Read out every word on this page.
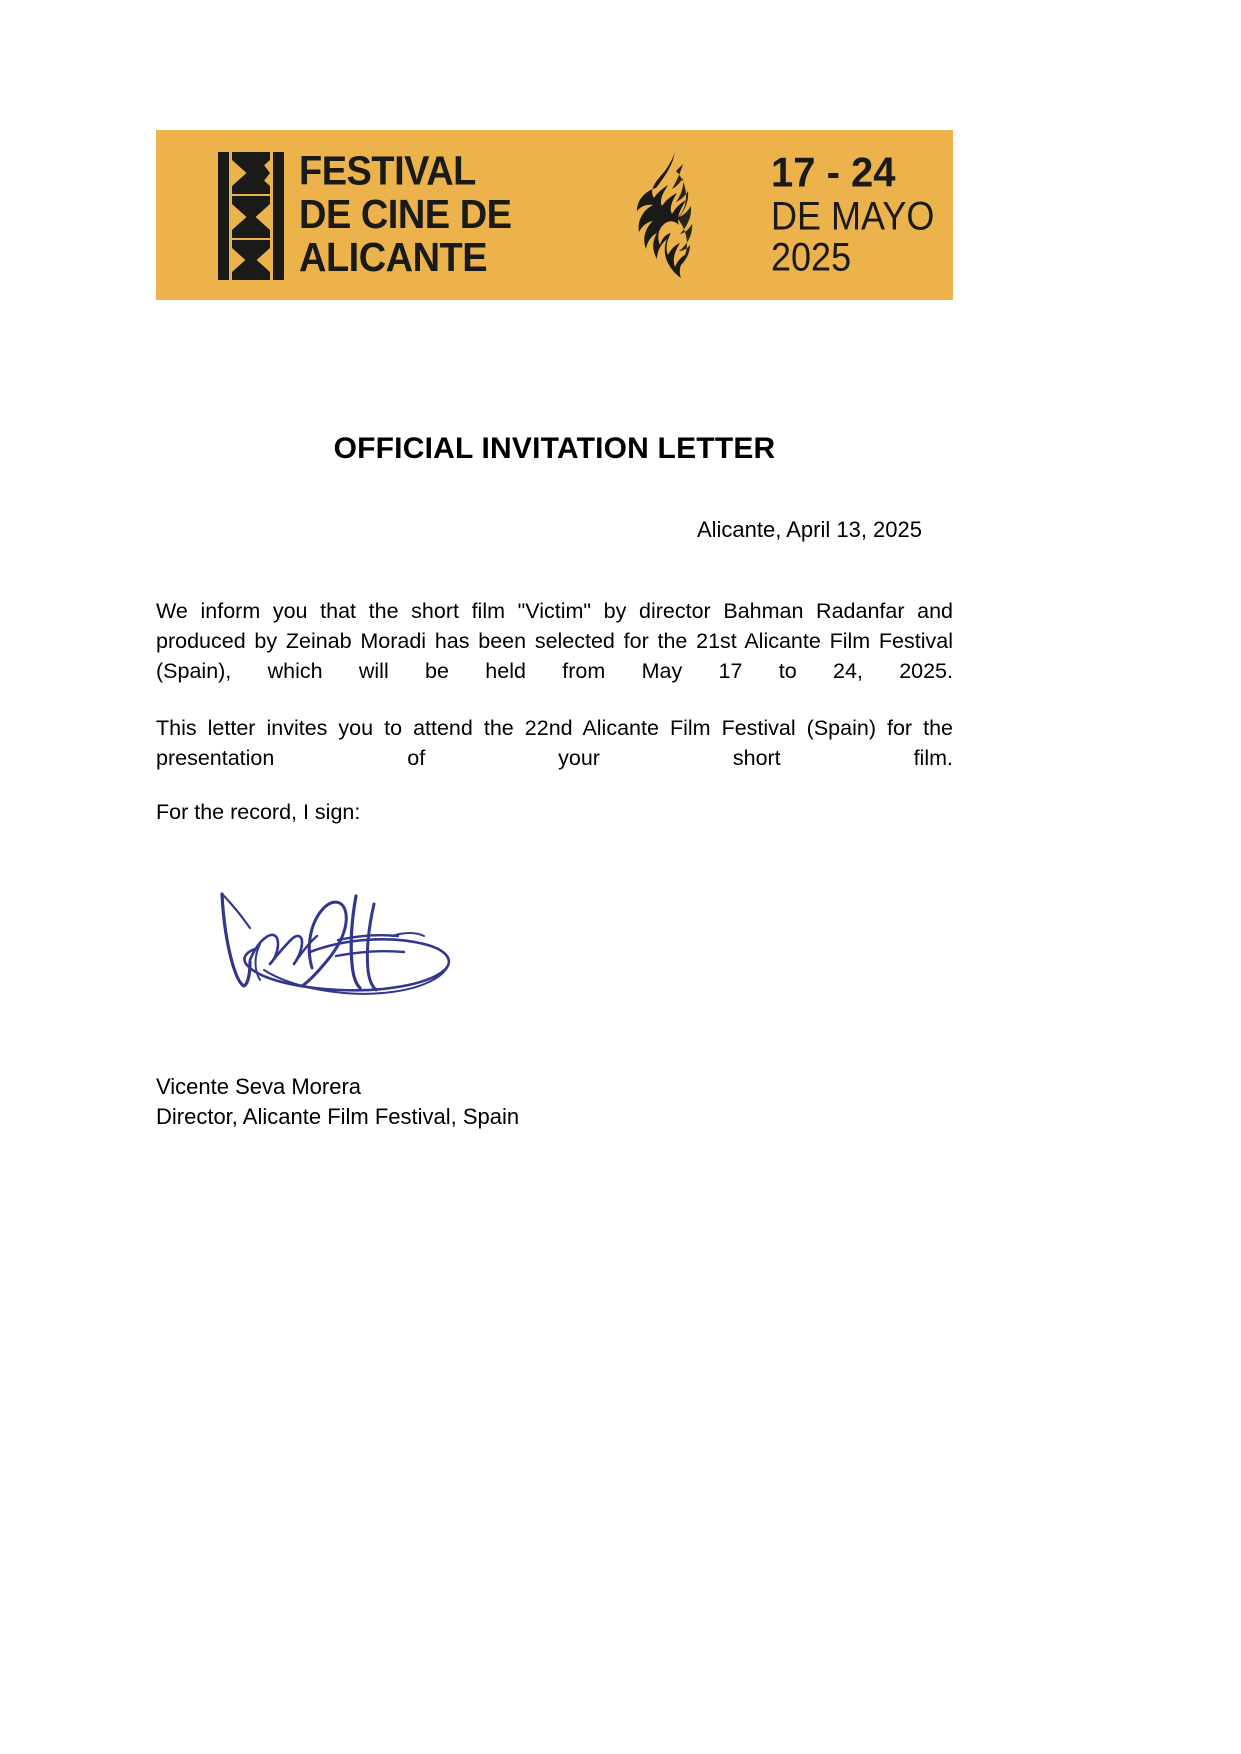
FESTIVAL
DE CINE DE
ALICANTE
17 - 24
DE MAYO
2025
OFFICIAL INVITATION LETTER
Alicante, April 13, 2025
We inform you that the short film "Victim" by director Bahman Radanfar and produced by Zeinab Moradi has been selected for the 21st Alicante Film Festival (Spain), which will be held from May 17 to 24, 2025.
This letter invites you to attend the 22nd Alicante Film Festival (Spain) for the presentation of your short film.
For the record, I sign:
Vicente Seva Morera
Director, Alicante Film Festival, Spain
